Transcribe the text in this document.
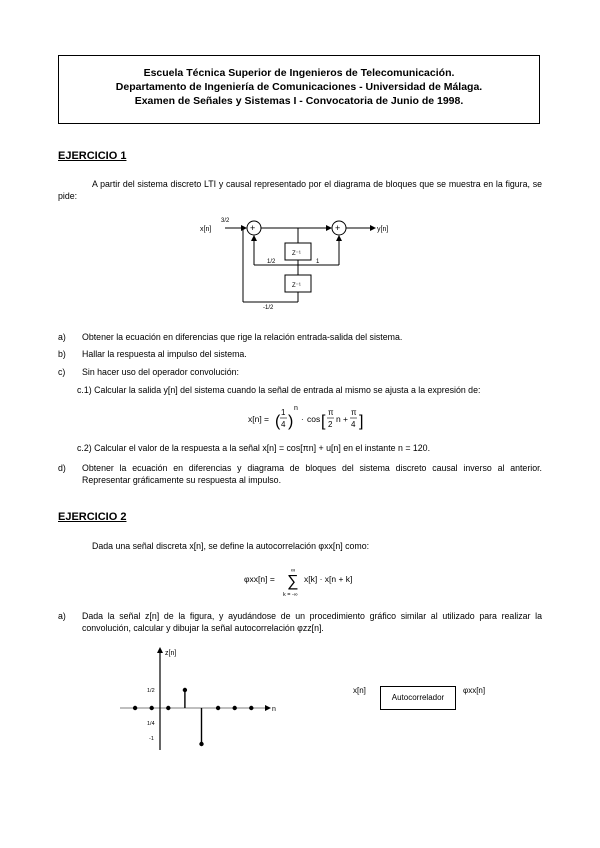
Escuela Técnica Superior de Ingenieros de Telecomunicación.
Departamento de Ingeniería de Comunicaciones - Universidad de Málaga.
Examen de Señales y Sistemas I - Convocatoria de Junio de 1998.
EJERCICIO 1
A partir del sistema discreto LTI y causal representado por el diagrama de bloques que se muestra en la figura, se pide:
x[n]
3/2
+	+	y[n]
Z⁻¹
1/2	1
Z⁻¹
-1/2
a) Obtener la ecuación en diferencias que rige la relación entrada-salida del sistema.
b) Hallar la respuesta al impulso del sistema.
c) Sin hacer uso del operador convolución:
c.1) Calcular la salida y[n] del sistema cuando la señal de entrada al mismo se ajusta a la expresión de:
x[n] = (
1
4 )
n
· cos [
π
2
n +
π
4 ]
c.2) Calcular el valor de la respuesta a la señal x[n] = cos[πn] + u[n] en el instante n = 120.
d) Obtener la ecuación en diferencias y diagrama de bloques del sistema discreto causal inverso al anterior. Representar gráficamente su respuesta al impulso.
EJERCICIO 2
Dada una señal discreta x[n], se define la autocorrelación φxx[n] como:
φxx[n] =
∞
∑
k = -∞
x[k] · x[n + k]
a) Dada la señal z[n] de la figura, y ayudándose de un procedimiento gráfico similar al utilizado para realizar la convolución, calcular y dibujar la señal autocorrelación φzz[n].
z[n]
n
1/2
1/4
-1
x[n]
Autocorrelador
φxx[n]
